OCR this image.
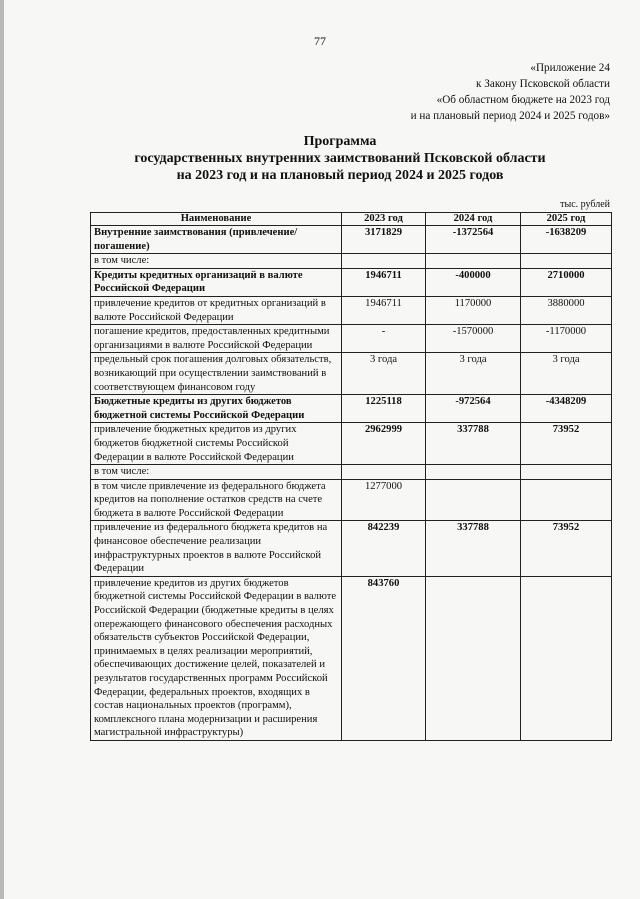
77
«Приложение 24
к Закону Псковской области
«Об областном бюджете на 2023 год
и на плановый период 2024 и 2025 годов»
Программа
государственных внутренних заимствований Псковской области
на 2023 год и на плановый период 2024 и 2025 годов
тыс. рублей
Наименование	2023 год	2024 год	2025 год
Внутренние заимствования (привлечение/погашение)	3171829	-1372564	-1638209
в том числе:			
Кредиты кредитных организаций в валюте Российской Федерации	1946711	-400000	2710000
привлечение кредитов от кредитных организаций в валюте Российской Федерации	1946711	1170000	3880000
погашение кредитов, предоставленных кредитными организациями в валюте Российской Федерации	-	-1570000	-1170000
предельный срок погашения долговых обязательств, возникающий при осуществлении заимствований в соответствующем финансовом году	3 года	3 года	3 года
Бюджетные кредиты из других бюджетов бюджетной системы Российской Федерации	1225118	-972564	-4348209
привлечение бюджетных кредитов из других бюджетов бюджетной системы Российской Федерации в валюте Российской Федерации	2962999	337788	73952
в том числе:			
в том числе привлечение из федерального бюджета кредитов на пополнение остатков средств на счете бюджета в валюте Российской Федерации	1277000		
привлечение из федерального бюджета кредитов на финансовое обеспечение реализации инфраструктурных проектов в валюте Российской Федерации	842239	337788	73952
привлечение кредитов из других бюджетов бюджетной системы Российской Федерации в валюте Российской Федерации (бюджетные кредиты в целях опережающего финансового обеспечения расходных обязательств субъектов Российской Федерации, принимаемых в целях реализации мероприятий, обеспечивающих достижение целей, показателей и результатов государственных программ Российской Федерации, федеральных проектов, входящих в состав национальных проектов (программ), комплексного плана модернизации и расширения магистральной инфраструктуры)	843760		
